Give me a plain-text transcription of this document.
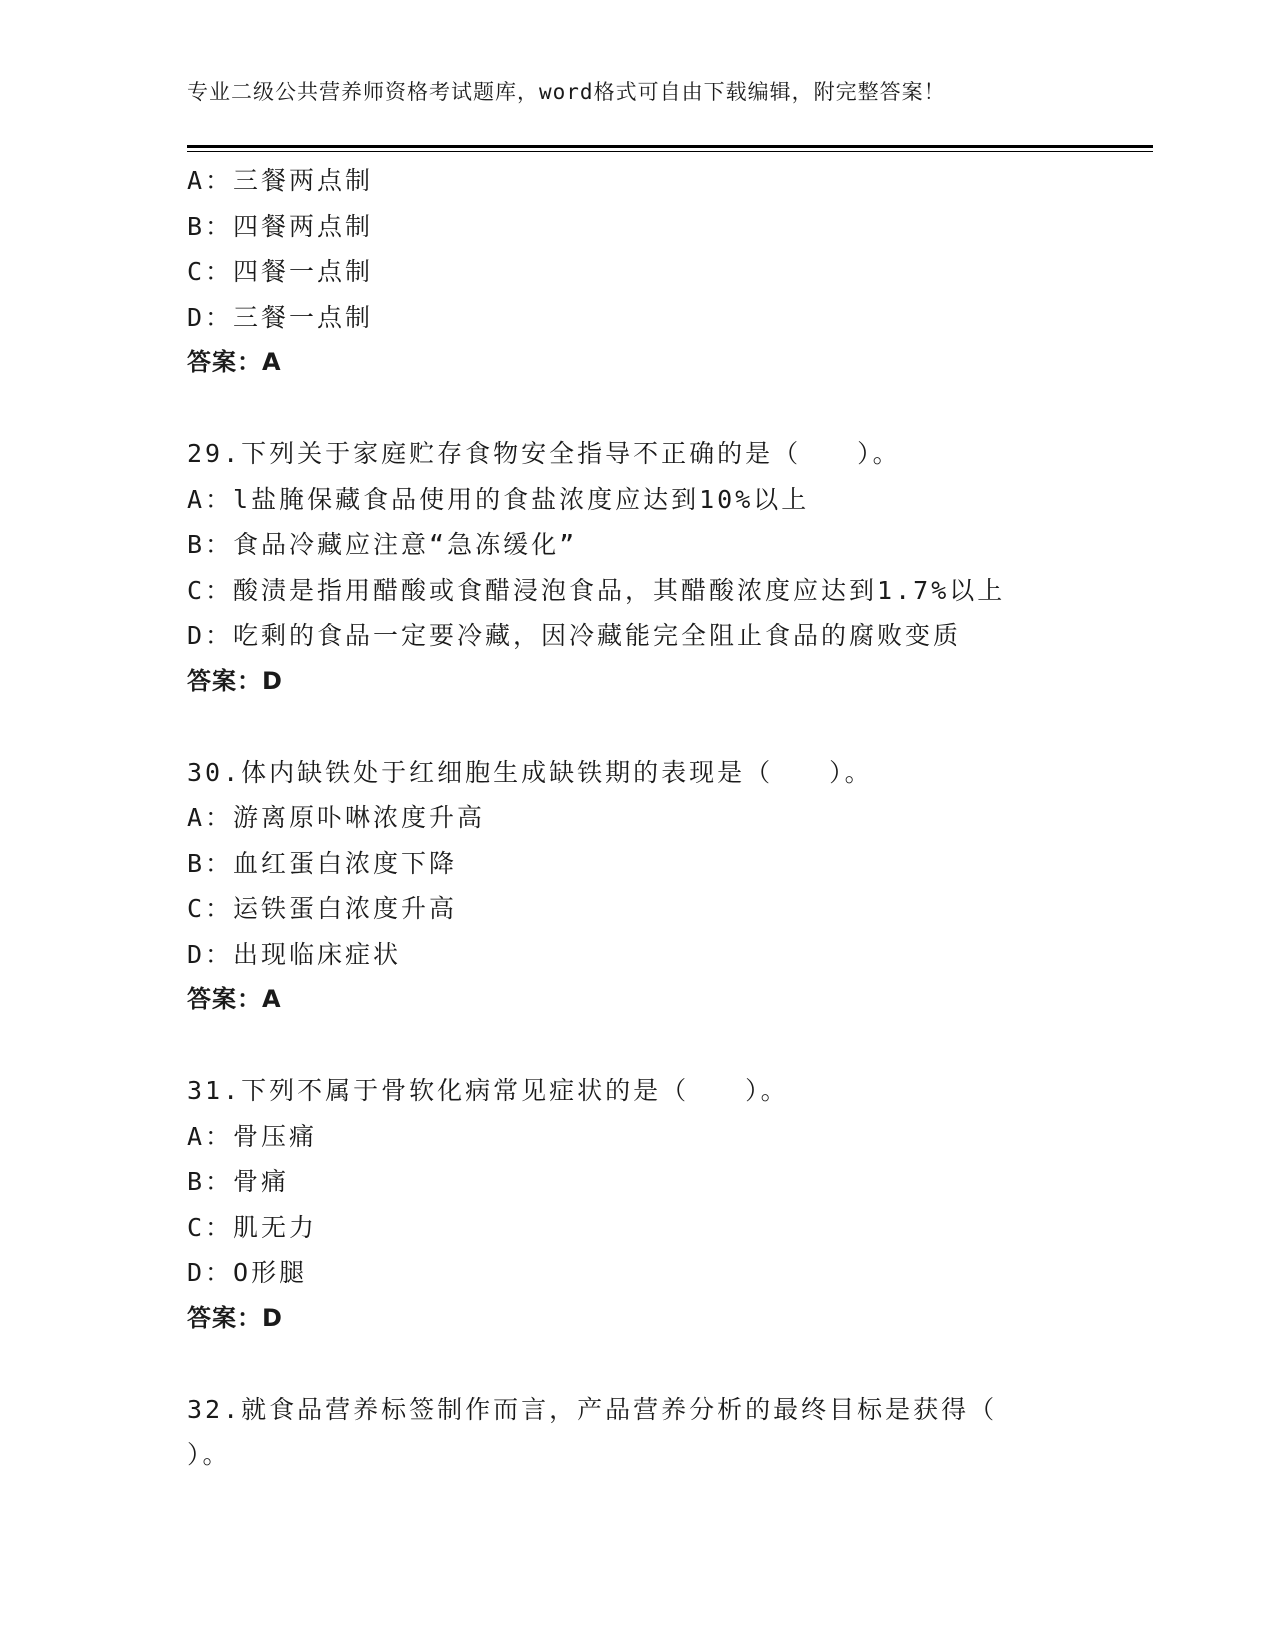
专业二级公共营养师资格考试题库，word格式可自由下载编辑，附完整答案！
A：三餐两点制
B：四餐两点制
C：四餐一点制
D：三餐一点制
答案：A
29.下列关于家庭贮存食物安全指导不正确的是（　　）。
A：l盐腌保藏食品使用的食盐浓度应达到10%以上
B：食品冷藏应注意“急冻缓化”
C：酸渍是指用醋酸或食醋浸泡食品，其醋酸浓度应达到1.7%以上
D：吃剩的食品一定要冷藏，因冷藏能完全阻止食品的腐败变质
答案：D
30.体内缺铁处于红细胞生成缺铁期的表现是（　　）。
A：游离原卟啉浓度升高
B：血红蛋白浓度下降
C：运铁蛋白浓度升高
D：出现临床症状
答案：A
31.下列不属于骨软化病常见症状的是（　　）。
A：骨压痛
B：骨痛
C：肌无力
D：O形腿
答案：D
32.就食品营养标签制作而言，产品营养分析的最终目标是获得（
）。
